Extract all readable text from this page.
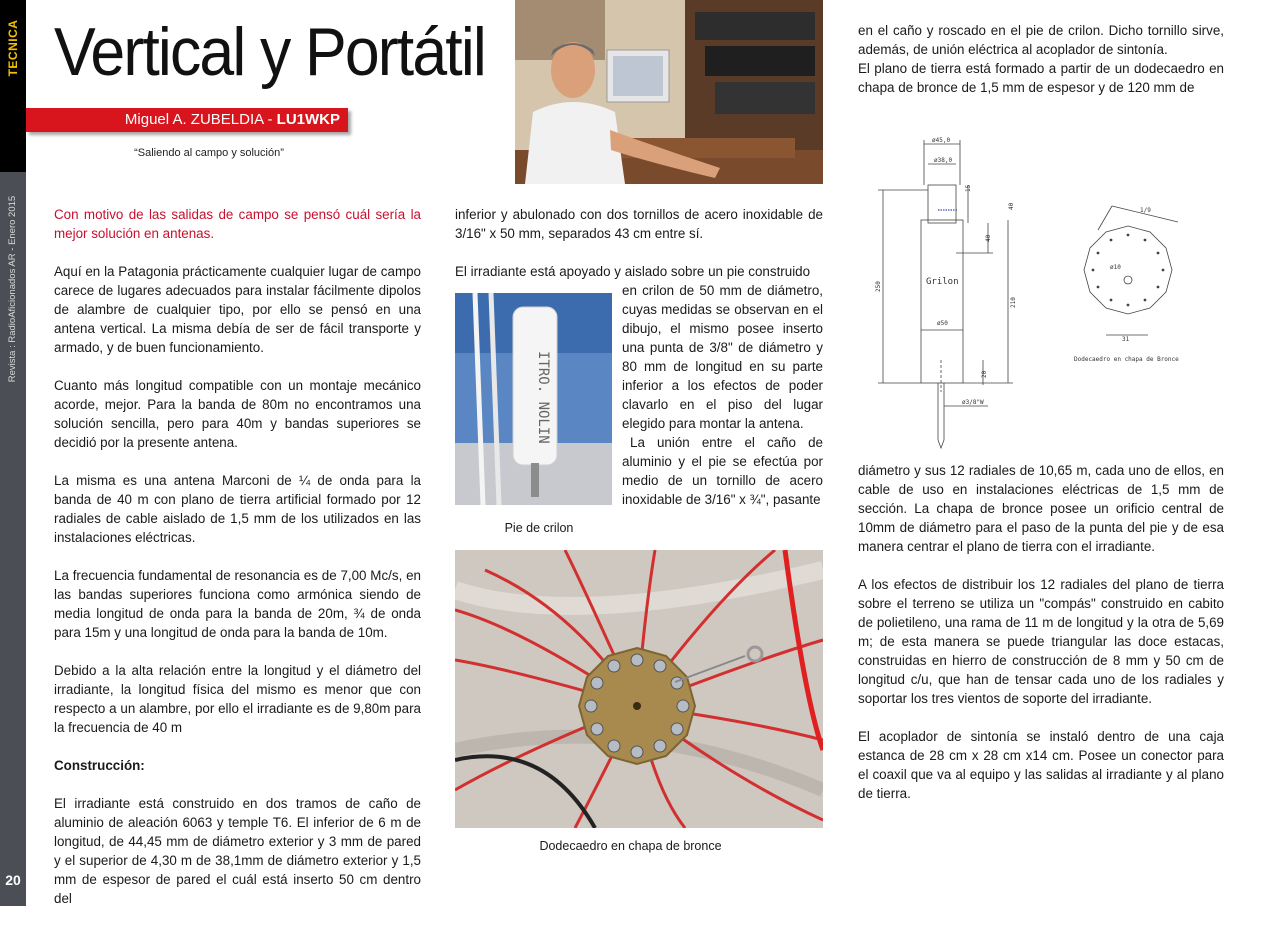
TECNICA
Revista : RadioAficionados AR - Enero 2015
20
Vertical y Portátil
Miguel A. ZUBELDIA - LU1WKP
“Saliendo al campo y solución”

Con motivo de las salidas de campo se pensó cuál sería la mejor solución en antenas.

Aquí en la Patagonia prácticamente cualquier lugar de campo carece de lugares adecuados para instalar fácilmente dipolos de alambre de cualquier tipo, por ello se pensó en una antena vertical. La misma debía de ser de fácil transporte y armado, y de buen funcionamiento.

Cuanto más longitud compatible con un montaje mecánico acorde, mejor. Para la banda de 80m no encontramos una solución sencilla, pero para 40m y bandas superiores se decidió por la presente antena.

La misma es una antena Marconi de ¼ de onda para la banda de 40 m con plano de tierra artificial formado por 12 radiales de cable aislado de 1,5 mm de los utilizados en las instalaciones eléctricas.

La frecuencia fundamental de resonancia es de 7,00 Mc/s, en las bandas superiores funciona como armónica siendo de media longitud de onda para la banda de 20m, ¾ de onda para 15m y una longitud de onda para la banda de 10m.

Debido a la alta relación entre la longitud y el diámetro del irradiante, la longitud física del mismo es menor que con respecto a un alambre, por ello el irradiante es de 9,80m para la frecuencia de 40 m

Construcción:

El irradiante está construido en dos tramos de caño de aluminio de aleación 6063 y temple T6. El inferior de 6 m de longitud, de 44,45 mm de diámetro exterior y 3 mm de pared y el superior de 4,30 m de 38,1mm de diámetro exterior y 1,5 mm de espesor de pared el cuál está inserto 50 cm dentro del

inferior y abulonado con dos tornillos de acero inoxidable de 3/16" x 50 mm, separados 43 cm entre sí.

El irradiante está apoyado y aislado sobre un pie construido
en crilon de 50 mm de diámetro, cuyas medidas se observan en el dibujo, el mismo posee inserto una punta de 3/8" de diámetro y 80 mm de longitud en su parte inferior a los efectos de poder clavarlo en el piso del lugar elegido para montar la antena.
La unión entre el caño de aluminio y el pie se efectúa por medio de un tornillo de acero inoxidable de 3/16" x ¾", pasante
ITRO. NOLIN
Pie de crilon
Dodecaedro en chapa de bronce
en el caño y roscado en el pie de crilon. Dicho tornillo sirve, además, de unión eléctrica al acoplador de sintonía.
El plano de tierra está formado a partir de un dodecaedro en chapa de bronce de 1,5 mm de espesor y de 120 mm de
ø45,0
ø38,0
15
40
40
250
210
20
ø50
ø3/8"W
Grilon
1/9
ø10
31
Dodecaedro en chapa de Bronce

diámetro y sus 12 radiales de 10,65 m, cada uno de ellos, en cable de uso en instalaciones eléctricas de 1,5 mm de sección. La chapa de bronce posee un orificio central de 10mm de diámetro para el paso de la punta del pie y de esa manera centrar el plano de tierra con el irradiante.

A los efectos de distribuir los 12 radiales del plano de tierra sobre el terreno se utiliza un "compás" construido en cabito de polietileno, una rama de 11 m de longitud y la otra de 5,69 m; de esta manera se puede triangular las doce estacas, construidas en hierro de construcción de 8 mm y 50 cm de longitud c/u, que han de tensar cada uno de los radiales y soportar los tres vientos de soporte del irradiante.

El acoplador de sintonía se instaló dentro de una caja estanca de 28 cm x 28 cm x14 cm. Posee un conector para el coaxil que va al equipo y las salidas al irradiante y al plano de tierra.
